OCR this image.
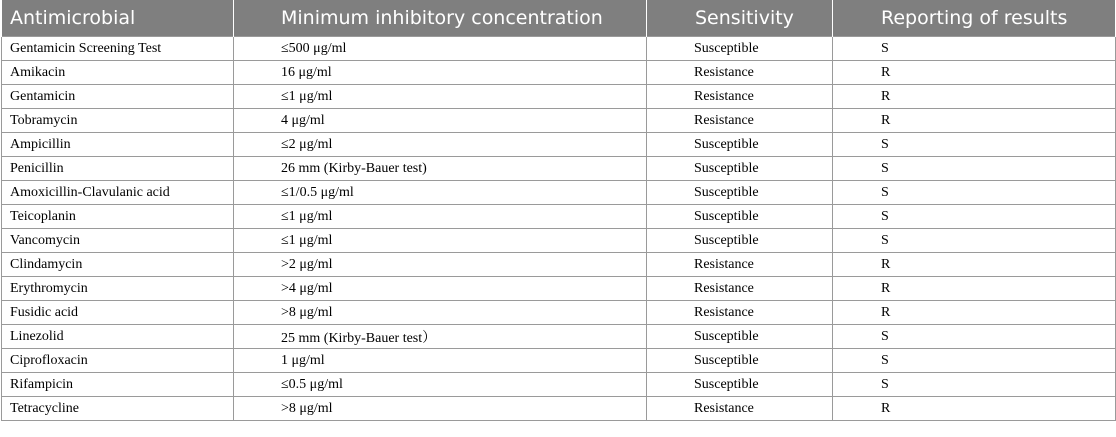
Antimicrobial	Minimum inhibitory concentration	Sensitivity	Reporting of results
Gentamicin Screening Test	≤500 μg/ml	Susceptible	S
Amikacin	16 μg/ml	Resistance	R
Gentamicin	≤1 μg/ml	Resistance	R
Tobramycin	4 μg/ml	Resistance	R
Ampicillin	≤2 μg/ml	Susceptible	S
Penicillin	26 mm (Kirby-Bauer test)	Susceptible	S
Amoxicillin-Clavulanic acid	≤1/0.5 μg/ml	Susceptible	S
Teicoplanin	≤1 μg/ml	Susceptible	S
Vancomycin	≤1 μg/ml	Susceptible	S
Clindamycin	>2 μg/ml	Resistance	R
Erythromycin	>4 μg/ml	Resistance	R
Fusidic acid	>8 μg/ml	Resistance	R
Linezolid	25 mm (Kirby-Bauer test）	Susceptible	S
Ciprofloxacin	1 μg/ml	Susceptible	S
Rifampicin	≤0.5 μg/ml	Susceptible	S
Tetracycline	>8 μg/ml	Resistance	R
